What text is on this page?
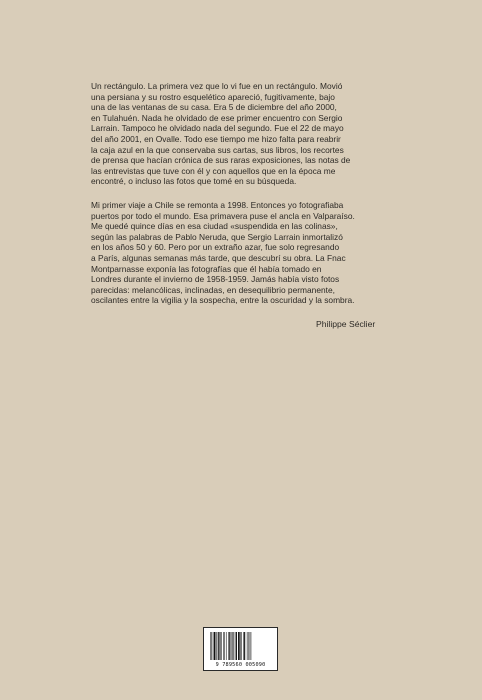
Un rectángulo. La primera vez que lo vi fue en un rectángulo. Movió
una persiana y su rostro esquelético apareció, fugitivamente, bajo
una de las ventanas de su casa. Era 5 de diciembre del año 2000,
en Tulahuén. Nada he olvidado de ese primer encuentro con Sergio
Larrain. Tampoco he olvidado nada del segundo. Fue el 22 de mayo
del año 2001, en Ovalle. Todo ese tiempo me hizo falta para reabrir
la caja azul en la que conservaba sus cartas, sus libros, los recortes
de prensa que hacían crónica de sus raras exposiciones, las notas de
las entrevistas que tuve con él y con aquellos que en la época me
encontré, o incluso las fotos que tomé en su búsqueda.

Mi primer viaje a Chile se remonta a 1998. Entonces yo fotografiaba
puertos por todo el mundo. Esa primavera puse el ancla en Valparaíso.
Me quedé quince días en esa ciudad «suspendida en las colinas»,
según las palabras de Pablo Neruda, que Sergio Larrain inmortalizó
en los años 50 y 60. Pero por un extraño azar, fue solo regresando
a París, algunas semanas más tarde, que descubrí su obra. La Fnac
Montparnasse exponía las fotografías que él había tomado en
Londres durante el invierno de 1958-1959. Jamás había visto fotos
parecidas: melancólicas, inclinadas, en desequilibrio permanente,
oscilantes entre la vigilia y la sospecha, entre la oscuridad y la sombra.

Philippe Séclier
9 789560 005090
